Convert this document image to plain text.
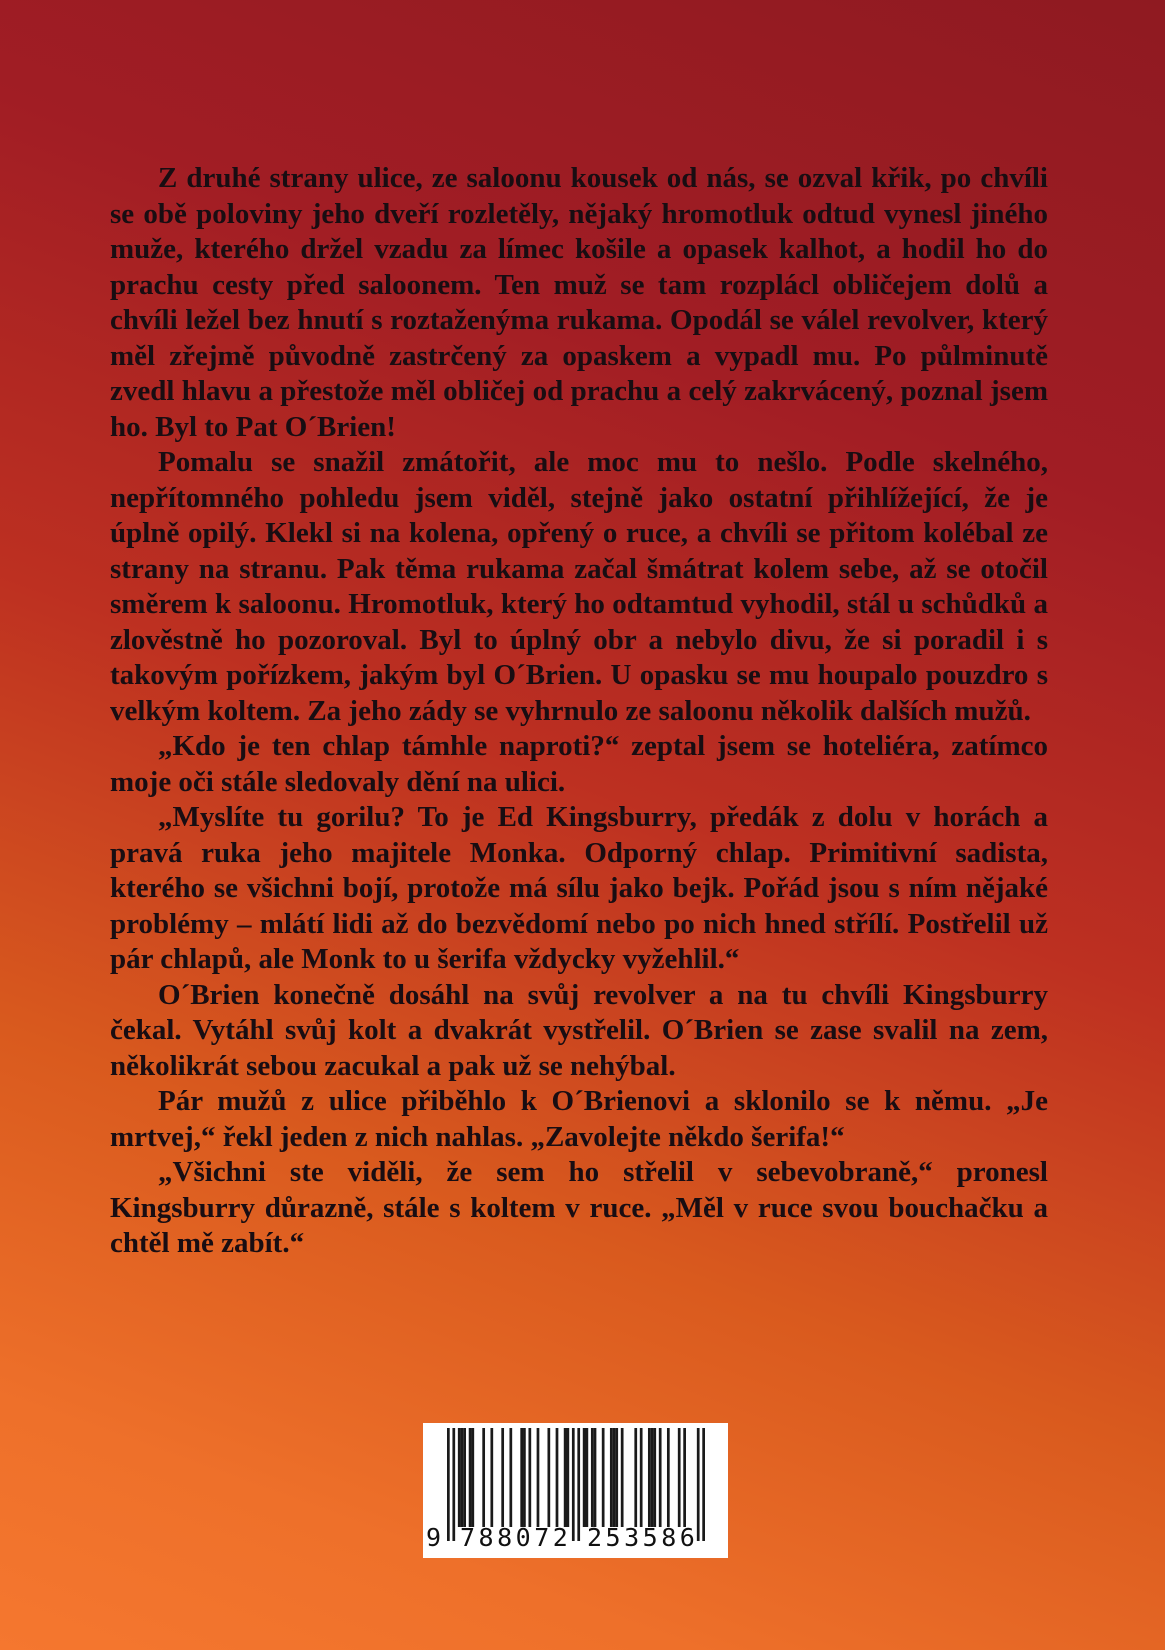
Z druhé strany ulice, ze saloonu kousek od nás, se ozval křik, po chvíli se obě poloviny jeho dveří rozletěly, nějaký hromotluk odtud vynesl jiného muže, kterého držel vzadu za límec košile a opasek kalhot, a hodil ho do prachu cesty před saloonem. Ten muž se tam rozplácl obličejem dolů a chvíli ležel bez hnutí s roztaženýma rukama. Opodál se válel revolver, který měl zřejmě původně zastrčený za opaskem a vypadl mu. Po půlminutě zvedl hlavu a přestože měl obličej od prachu a celý zakrvácený, poznal jsem ho. Byl to Pat O´Brien!

Pomalu se snažil zmátořit, ale moc mu to nešlo. Podle skelného, nepřítomného pohledu jsem viděl, stejně jako ostatní přihlížející, že je úplně opilý. Klekl si na kolena, opřený o ruce, a chvíli se přitom kolébal ze strany na stranu. Pak těma rukama začal šmátrat kolem sebe, až se otočil směrem k saloonu. Hromotluk, který ho odtamtud vyhodil, stál u schůdků a zlověstně ho pozoroval. Byl to úplný obr a nebylo divu, že si poradil i s takovým pořízkem, jakým byl O´Brien. U opasku se mu houpalo pouzdro s velkým koltem. Za jeho zády se vyhrnulo ze saloonu několik dalších mužů.

„Kdo je ten chlap támhle naproti?“ zeptal jsem se hoteliéra, zatímco moje oči stále sledovaly dění na ulici.

„Myslíte tu gorilu? To je Ed Kingsburry, předák z dolu v horách a pravá ruka jeho majitele Monka. Odporný chlap. Primitivní sadista, kterého se všichni bojí, protože má sílu jako bejk. Pořád jsou s ním nějaké problémy – mlátí lidi až do bezvědomí nebo po nich hned střílí. Postřelil už pár chlapů, ale Monk to u šerifa vždycky vyžehlil.“

O´Brien konečně dosáhl na svůj revolver a na tu chvíli Kingsburry čekal. Vytáhl svůj kolt a dvakrát vystřelil. O´Brien se zase svalil na zem, několikrát sebou zacukal a pak už se nehýbal.

Pár mužů z ulice přiběhlo k O´Brienovi a sklonilo se k němu. „Je mrtvej,“ řekl jeden z nich nahlas. „Zavolejte někdo šerifa!“

„Všichni ste viděli, že sem ho střelil v sebevobraně,“ pronesl Kingsburry důrazně, stále s koltem v ruce. „Měl v ruce svou bouchačku a chtěl mě zabít.“

9 788072 253586
